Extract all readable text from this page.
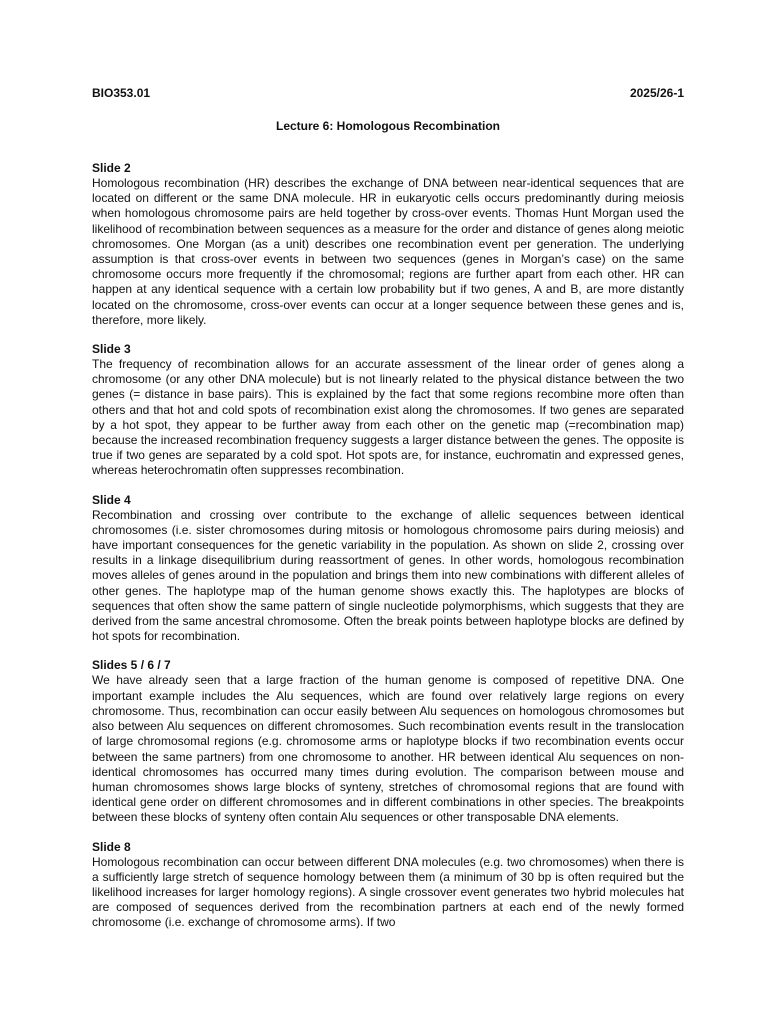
BIO353.01	2025/26-1
Lecture 6: Homologous Recombination
Slide 2

Homologous recombination (HR) describes the exchange of DNA between near-identical sequences that are located on different or the same DNA molecule. HR in eukaryotic cells occurs predominantly during meiosis when homologous chromosome pairs are held together by cross-over events. Thomas Hunt Morgan used the likelihood of recombination between sequences as a measure for the order and distance of genes along meiotic chromosomes. One Morgan (as a unit) describes one recombination event per generation. The underlying assumption is that cross-over events in between two sequences (genes in Morgan’s case) on the same chromosome occurs more frequently if the chromosomal; regions are further apart from each other. HR can happen at any identical sequence with a certain low probability but if two genes, A and B, are more distantly located on the chromosome, cross-over events can occur at a longer sequence between these genes and is, therefore, more likely.

Slide 3

The frequency of recombination allows for an accurate assessment of the linear order of genes along a chromosome (or any other DNA molecule) but is not linearly related to the physical distance between the two genes (= distance in base pairs). This is explained by the fact that some regions recombine more often than others and that hot and cold spots of recombination exist along the chromosomes. If two genes are separated by a hot spot, they appear to be further away from each other on the genetic map (=recombination map) because the increased recombination frequency suggests a larger distance between the genes. The opposite is true if two genes are separated by a cold spot. Hot spots are, for instance, euchromatin and expressed genes, whereas heterochromatin often suppresses recombination.

Slide 4

Recombination and crossing over contribute to the exchange of allelic sequences between identical chromosomes (i.e. sister chromosomes during mitosis or homologous chromosome pairs during meiosis) and have important consequences for the genetic variability in the population. As shown on slide 2, crossing over results in a linkage disequilibrium during reassortment of genes. In other words, homologous recombination moves alleles of genes around in the population and brings them into new combinations with different alleles of other genes. The haplotype map of the human genome shows exactly this. The haplotypes are blocks of sequences that often show the same pattern of single nucleotide polymorphisms, which suggests that they are derived from the same ancestral chromosome. Often the break points between haplotype blocks are defined by hot spots for recombination.

Slides 5 / 6 / 7

We have already seen that a large fraction of the human genome is composed of repetitive DNA. One important example includes the Alu sequences, which are found over relatively large regions on every chromosome. Thus, recombination can occur easily between Alu sequences on homologous chromosomes but also between Alu sequences on different chromosomes. Such recombination events result in the translocation of large chromosomal regions (e.g. chromosome arms or haplotype blocks if two recombination events occur between the same partners) from one chromosome to another. HR between identical Alu sequences on non-identical chromosomes has occurred many times during evolution. The comparison between mouse and human chromosomes shows large blocks of synteny, stretches of chromosomal regions that are found with identical gene order on different chromosomes and in different combinations in other species. The breakpoints between these blocks of synteny often contain Alu sequences or other transposable DNA elements.

Slide 8

Homologous recombination can occur between different DNA molecules (e.g. two chromosomes) when there is a sufficiently large stretch of sequence homology between them (a minimum of 30 bp is often required but the likelihood increases for larger homology regions). A single crossover event generates two hybrid molecules hat are composed of sequences derived from the recombination partners at each end of the newly formed chromosome (i.e. exchange of chromosome arms). If two
